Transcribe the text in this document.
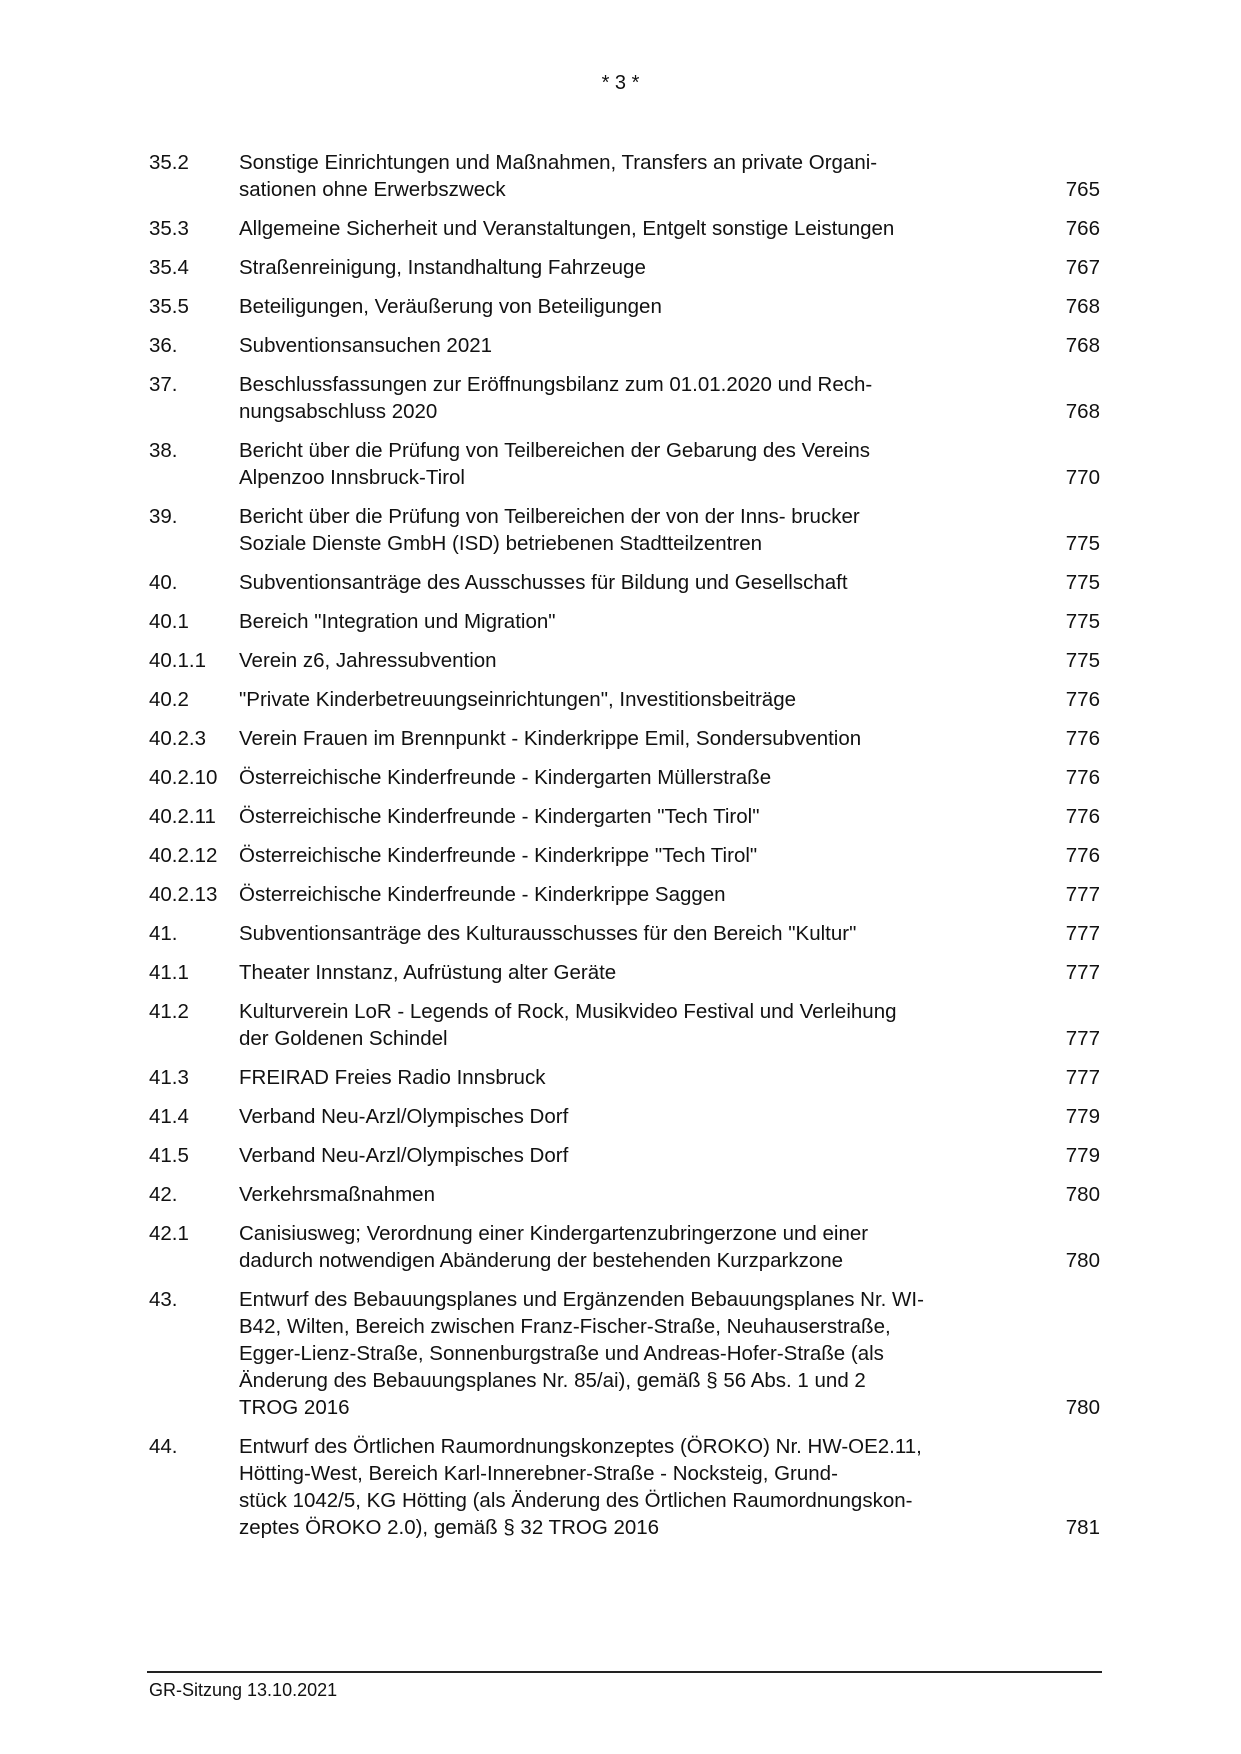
* 3 *
35.2	Sonstige Einrichtungen und Maßnahmen, Transfers an private Organi-
sationen ohne Erwerbszweck	765
35.3	Allgemeine Sicherheit und Veranstaltungen, Entgelt sonstige Leistungen	766
35.4	Straßenreinigung, Instandhaltung Fahrzeuge	767
35.5	Beteiligungen, Veräußerung von Beteiligungen	768
36.	Subventionsansuchen 2021	768
37.	Beschlussfassungen zur Eröffnungsbilanz zum 01.01.2020 und Rech-
nungsabschluss 2020	768
38.	Bericht über die Prüfung von Teilbereichen der Gebarung des Vereins
Alpenzoo Innsbruck-Tirol	770
39.	Bericht über die Prüfung von Teilbereichen der von der Inns- brucker
Soziale Dienste GmbH (ISD) betriebenen Stadtteilzentren	775
40.	Subventionsanträge des Ausschusses für Bildung und Gesellschaft	775
40.1	Bereich "Integration und Migration"	775
40.1.1	Verein z6, Jahressubvention	775
40.2	"Private Kinderbetreuungseinrichtungen", Investitionsbeiträge	776
40.2.3	Verein Frauen im Brennpunkt - Kinderkrippe Emil, Sondersubvention	776
40.2.10	Österreichische Kinderfreunde - Kindergarten Müllerstraße	776
40.2.11	Österreichische Kinderfreunde - Kindergarten "Tech Tirol"	776
40.2.12	Österreichische Kinderfreunde - Kinderkrippe "Tech Tirol"	776
40.2.13	Österreichische Kinderfreunde - Kinderkrippe Saggen	777
41.	Subventionsanträge des Kulturausschusses für den Bereich "Kultur"	777
41.1	Theater Innstanz, Aufrüstung alter Geräte	777
41.2	Kulturverein LoR - Legends of Rock, Musikvideo Festival und Verleihung
der Goldenen Schindel	777
41.3	FREIRAD Freies Radio Innsbruck	777
41.4	Verband Neu-Arzl/Olympisches Dorf	779
41.5	Verband Neu-Arzl/Olympisches Dorf	779
42.	Verkehrsmaßnahmen	780
42.1	Canisiusweg; Verordnung einer Kindergartenzubringerzone und einer
dadurch notwendigen Abänderung der bestehenden Kurzparkzone	780
43.	Entwurf des Bebauungsplanes und Ergänzenden Bebauungsplanes Nr. WI-
B42, Wilten, Bereich zwischen Franz-Fischer-Straße, Neuhauserstraße,
Egger-Lienz-Straße, Sonnenburgstraße und Andreas-Hofer-Straße (als
Änderung des Bebauungsplanes Nr. 85/ai), gemäß § 56 Abs. 1 und 2
TROG 2016	780
44.	Entwurf des Örtlichen Raumordnungskonzeptes (ÖROKO) Nr. HW-OE2.11,
Hötting-West, Bereich Karl-Innerebner-Straße - Nocksteig, Grund-
stück 1042/5, KG Hötting (als Änderung des Örtlichen Raumordnungskon-
zeptes ÖROKO 2.0), gemäß § 32 TROG 2016	781
GR-Sitzung 13.10.2021
